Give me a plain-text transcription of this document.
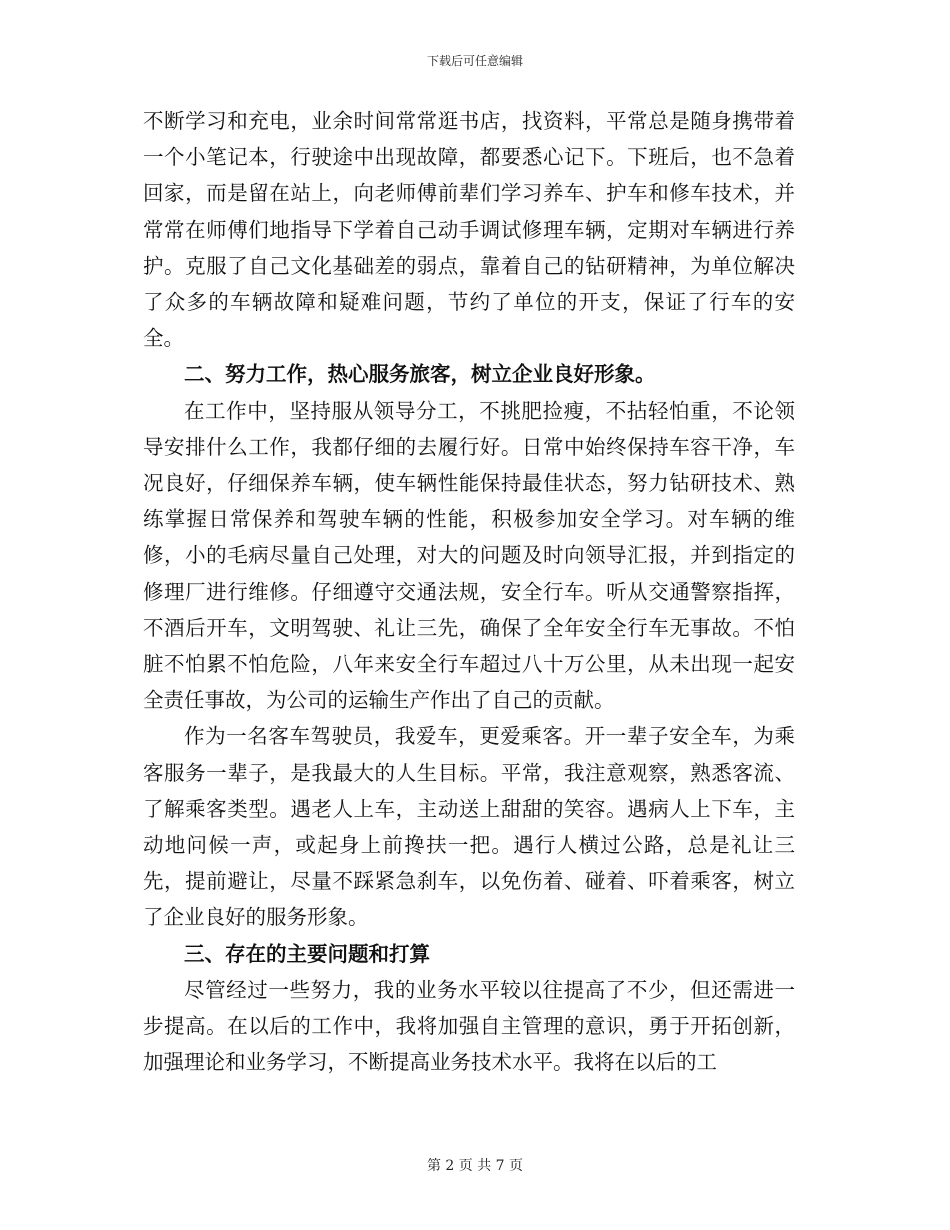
下载后可任意编辑

不断学习和充电，业余时间常常逛书店，找资料，平常总是随身携带着一个小笔记本，行驶途中出现故障，都要悉心记下。下班后，也不急着回家，而是留在站上，向老师傅前辈们学习养车、护车和修车技术，并常常在师傅们地指导下学着自己动手调试修理车辆，定期对车辆进行养护。克服了自己文化基础差的弱点，靠着自己的钻研精神，为单位解决了众多的车辆故障和疑难问题，节约了单位的开支，保证了行车的安全。

二、努力工作，热心服务旅客，树立企业良好形象。

在工作中，坚持服从领导分工，不挑肥捡瘦，不拈轻怕重，不论领导安排什么工作，我都仔细的去履行好。日常中始终保持车容干净，车况良好，仔细保养车辆，使车辆性能保持最佳状态，努力钻研技术、熟练掌握日常保养和驾驶车辆的性能，积极参加安全学习。对车辆的维修，小的毛病尽量自己处理，对大的问题及时向领导汇报，并到指定的修理厂进行维修。仔细遵守交通法规，安全行车。听从交通警察指挥，不酒后开车，文明驾驶、礼让三先，确保了全年安全行车无事故。不怕脏不怕累不怕危险，八年来安全行车超过八十万公里，从未出现一起安全责任事故，为公司的运输生产作出了自己的贡献。

作为一名客车驾驶员，我爱车，更爱乘客。开一辈子安全车，为乘客服务一辈子，是我最大的人生目标。平常，我注意观察，熟悉客流、了解乘客类型。遇老人上车，主动送上甜甜的笑容。遇病人上下车，主动地问候一声，或起身上前搀扶一把。遇行人横过公路，总是礼让三先，提前避让，尽量不踩紧急刹车，以免伤着、碰着、吓着乘客，树立了企业良好的服务形象。

三、存在的主要问题和打算

尽管经过一些努力，我的业务水平较以往提高了不少，但还需进一步提高。在以后的工作中，我将加强自主管理的意识，勇于开拓创新，加强理论和业务学习，不断提高业务技术水平。我将在以后的工

第 2 页 共 7 页
